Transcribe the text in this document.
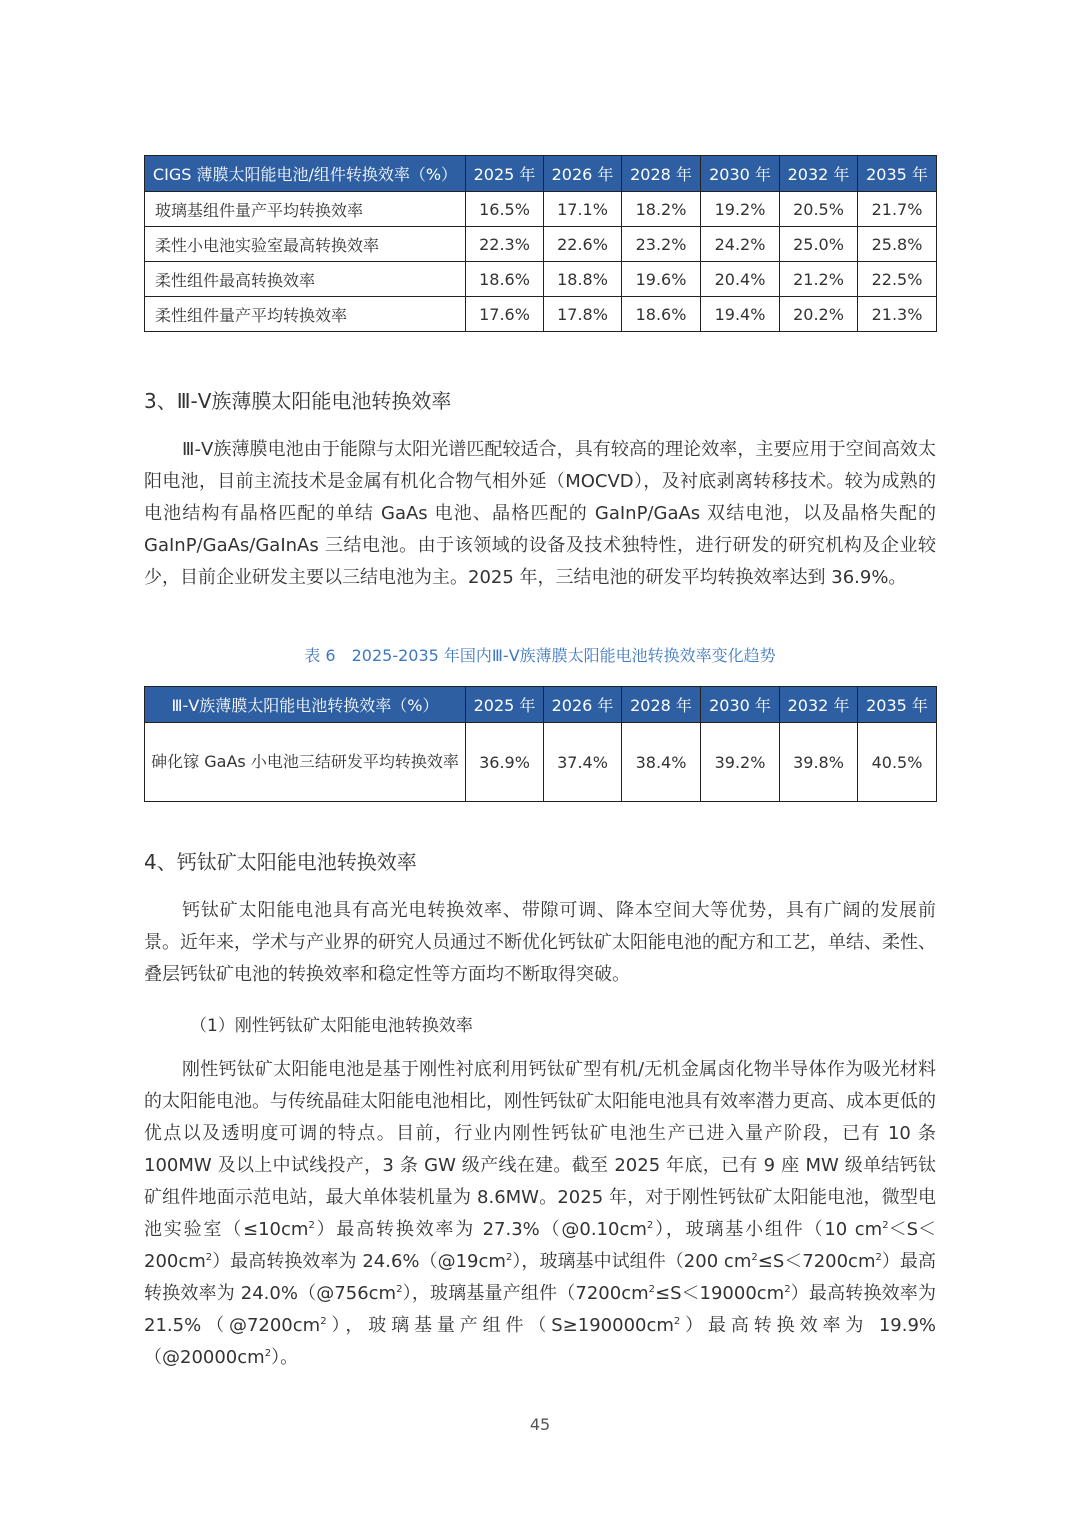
CIGS 薄膜太阳能电池/组件转换效率（%）	2025 年	2026 年	2028 年	2030 年	2032 年	2035 年
玻璃基组件量产平均转换效率	16.5%	17.1%	18.2%	19.2%	20.5%	21.7%
柔性小电池实验室最高转换效率	22.3%	22.6%	23.2%	24.2%	25.0%	25.8%
柔性组件最高转换效率	18.6%	18.8%	19.6%	20.4%	21.2%	22.5%
柔性组件量产平均转换效率	17.6%	17.8%	18.6%	19.4%	20.2%	21.3%
3、Ⅲ-Ⅴ族薄膜太阳能电池转换效率

Ⅲ-Ⅴ族薄膜电池由于能隙与太阳光谱匹配较适合，具有较高的理论效率，主要应用于空间高效太阳电池，目前主流技术是金属有机化合物气相外延（MOCVD），及衬底剥离转移技术。较为成熟的电池结构有晶格匹配的单结 GaAs 电池、晶格匹配的 GaInP/GaAs 双结电池，以及晶格失配的 GaInP/GaAs/GaInAs 三结电池。由于该领域的设备及技术独特性，进行研发的研究机构及企业较少，目前企业研发主要以三结电池为主。2025 年，三结电池的研发平均转换效率达到 36.9%。

表 6　2025-2035 年国内Ⅲ-Ⅴ族薄膜太阳能电池转换效率变化趋势
Ⅲ-Ⅴ族薄膜太阳能电池转换效率（%）	2025 年	2026 年	2028 年	2030 年	2032 年	2035 年
砷化镓 GaAs 小电池三结研发平均转换效率	36.9%	37.4%	38.4%	39.2%	39.8%	40.5%
4、钙钛矿太阳能电池转换效率

钙钛矿太阳能电池具有高光电转换效率、带隙可调、降本空间大等优势，具有广阔的发展前景。近年来，学术与产业界的研究人员通过不断优化钙钛矿太阳能电池的配方和工艺，单结、柔性、叠层钙钛矿电池的转换效率和稳定性等方面均不断取得突破。

（1）刚性钙钛矿太阳能电池转换效率

刚性钙钛矿太阳能电池是基于刚性衬底利用钙钛矿型有机/无机金属卤化物半导体作为吸光材料的太阳能电池。与传统晶硅太阳能电池相比，刚性钙钛矿太阳能电池具有效率潜力更高、成本更低的优点以及透明度可调的特点。目前，行业内刚性钙钛矿电池生产已进入量产阶段，已有 10 条 100MW 及以上中试线投产，3 条 GW 级产线在建。截至 2025 年底，已有 9 座 MW 级单结钙钛矿组件地面示范电站，最大单体装机量为 8.6MW。2025 年，对于刚性钙钛矿太阳能电池，微型电池实验室$(\le 10cm^2)$最高转换效率为 $27.3\%(@0.10cm^2)$，玻璃基小组件（10 $cm^2<S<200cm^2$）最高转换效率为 $24.6\%(@19cm^2)$，玻璃基中试组件（200 $cm^2\le S<7200cm^2$）最高转换效率为 $24.0\%(@756cm^2)$，玻璃基量产组件$(7200cm^2\le S<19000cm^2)$最高转换效率为 $21.5\%(@7200cm^2)$，玻璃基量产组件$(S\ge 190000cm^2)$最高转换效率为 $19.9\%(@20000cm^2)$。

45
